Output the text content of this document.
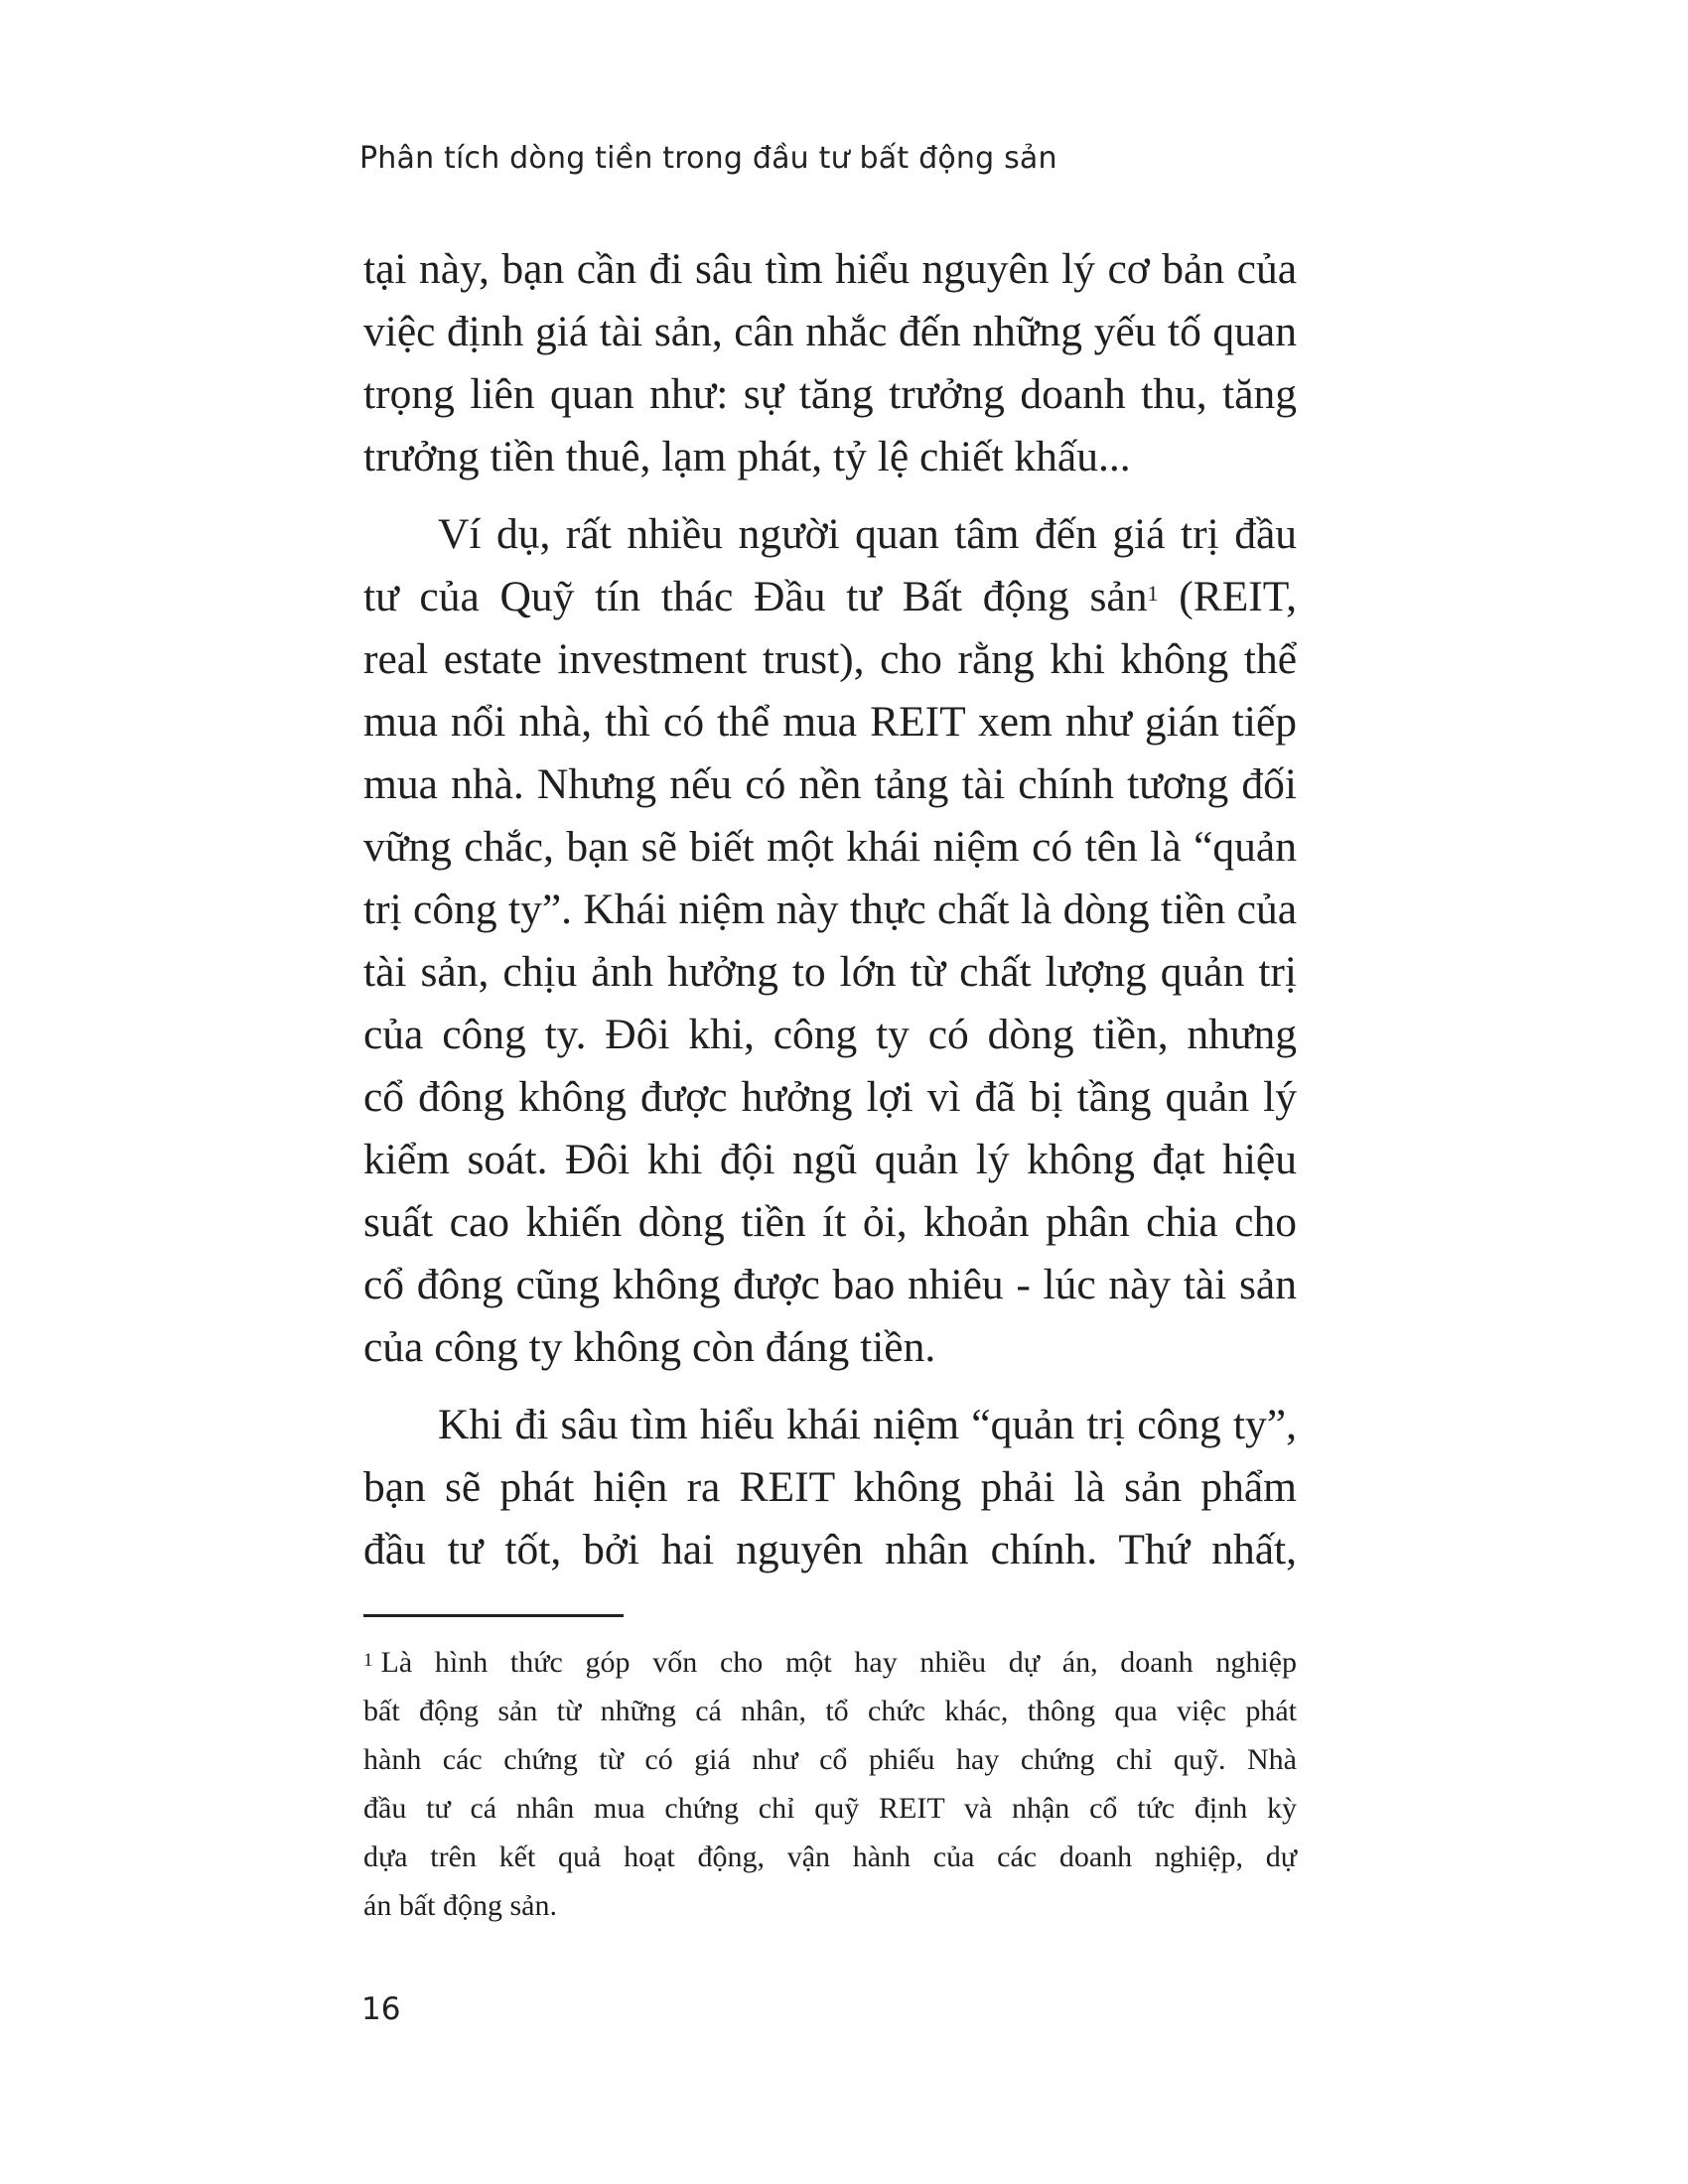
Phân tích dòng tiền trong đầu tư bất động sản

tại này, bạn cần đi sâu tìm hiểu nguyên lý cơ bản của
việc định giá tài sản, cân nhắc đến những yếu tố quan
trọng liên quan như: sự tăng trưởng doanh thu, tăng
trưởng tiền thuê, lạm phát, tỷ lệ chiết khấu...

Ví dụ, rất nhiều người quan tâm đến giá trị đầu
tư của Quỹ tín thác Đầu tư Bất động sản$^1$ (REIT,
real estate investment trust), cho rằng khi không thể
mua nổi nhà, thì có thể mua REIT xem như gián tiếp
mua nhà. Nhưng nếu có nền tảng tài chính tương đối
vững chắc, bạn sẽ biết một khái niệm có tên là “quản
trị công ty”. Khái niệm này thực chất là dòng tiền của
tài sản, chịu ảnh hưởng to lớn từ chất lượng quản trị
của công ty. Đôi khi, công ty có dòng tiền, nhưng
cổ đông không được hưởng lợi vì đã bị tầng quản lý
kiểm soát. Đôi khi đội ngũ quản lý không đạt hiệu
suất cao khiến dòng tiền ít ỏi, khoản phân chia cho
cổ đông cũng không được bao nhiêu - lúc này tài sản
của công ty không còn đáng tiền.

Khi đi sâu tìm hiểu khái niệm “quản trị công ty”,
bạn sẽ phát hiện ra REIT không phải là sản phẩm
đầu tư tốt, bởi hai nguyên nhân chính. Thứ nhất,

$^1$ Là hình thức góp vốn cho một hay nhiều dự án, doanh nghiệp
bất động sản từ những cá nhân, tổ chức khác, thông qua việc phát
hành các chứng từ có giá như cổ phiếu hay chứng chỉ quỹ. Nhà
đầu tư cá nhân mua chứng chỉ quỹ REIT và nhận cổ tức định kỳ
dựa trên kết quả hoạt động, vận hành của các doanh nghiệp, dự
án bất động sản.
16
